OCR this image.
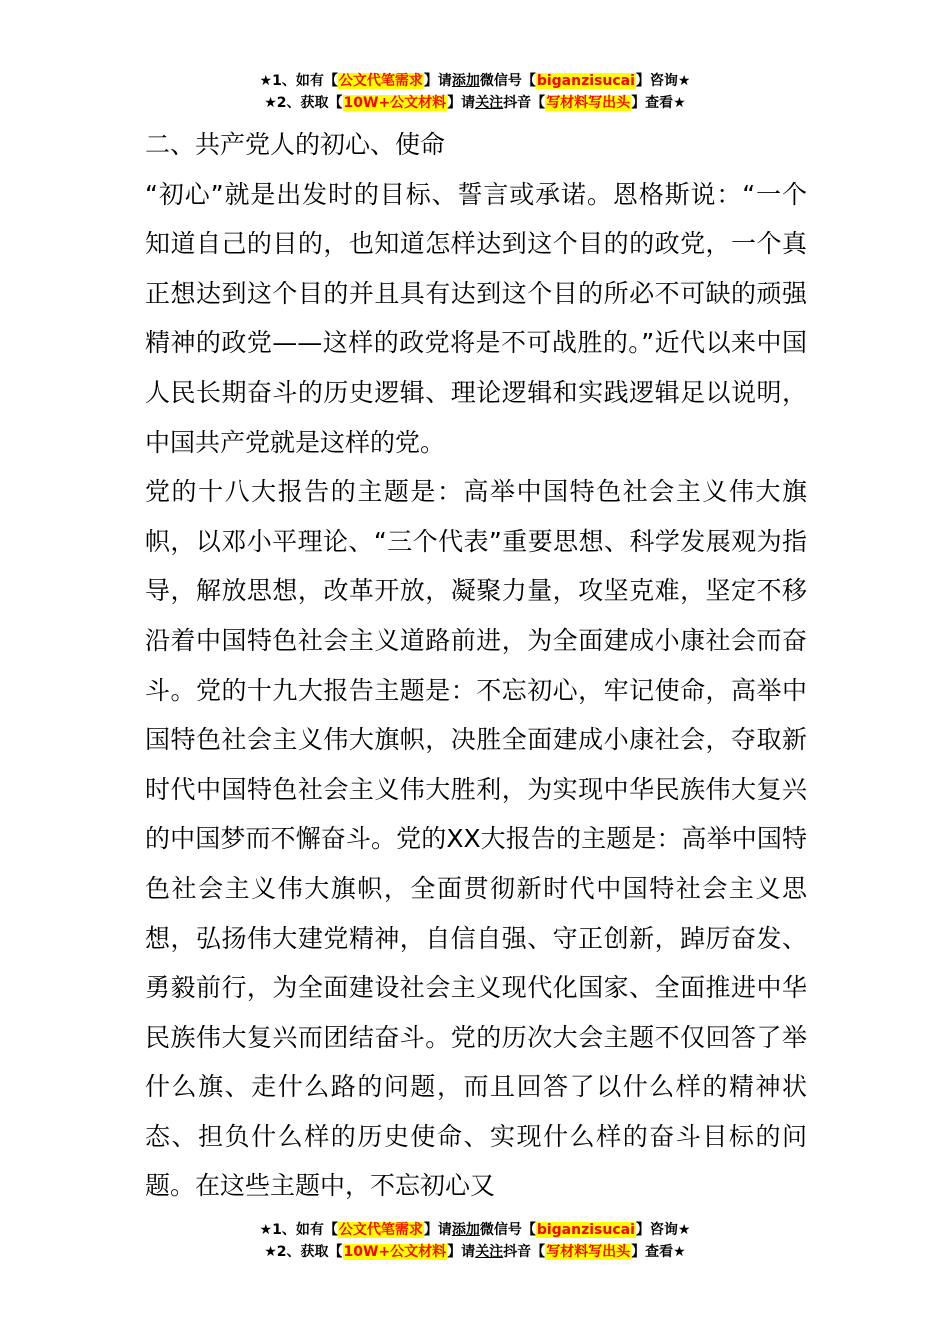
★1、如有【公文代笔需求】请添加微信号【biganzisucai】咨询★
★2、获取【10W+公文材料】请关注抖音【写材料写出头】查看★

二、共产党人的初心、使命

“初心”就是出发时的目标、誓言或承诺。恩格斯说：“一个知道自己的目的，也知道怎样达到这个目的的政党，一个真正想达到这个目的并且具有达到这个目的所必不可缺的顽强精神的政党——这样的政党将是不可战胜的。”近代以来中国人民长期奋斗的历史逻辑、理论逻辑和实践逻辑足以说明，中国共产党就是这样的党。

党的十八大报告的主题是：高举中国特色社会主义伟大旗帜，以邓小平理论、“三个代表”重要思想、科学发展观为指导，解放思想，改革开放，凝聚力量，攻坚克难，坚定不移沿着中国特色社会主义道路前进，为全面建成小康社会而奋斗。党的十九大报告主题是：不忘初心，牢记使命，高举中国特色社会主义伟大旗帜，决胜全面建成小康社会，夺取新时代中国特色社会主义伟大胜利，为实现中华民族伟大复兴的中国梦而不懈奋斗。党的XX大报告的主题是：高举中国特色社会主义伟大旗帜，全面贯彻新时代中国特社会主义思想，弘扬伟大建党精神，自信自强、守正创新，踔厉奋发、勇毅前行，为全面建设社会主义现代化国家、全面推进中华民族伟大复兴而团结奋斗。党的历次大会主题不仅回答了举什么旗、走什么路的问题，而且回答了以什么样的精神状态、担负什么样的历史使命、实现什么样的奋斗目标的问题。在这些主题中，不忘初心又

★1、如有【公文代笔需求】请添加微信号【biganzisucai】咨询★
★2、获取【10W+公文材料】请关注抖音【写材料写出头】查看★
